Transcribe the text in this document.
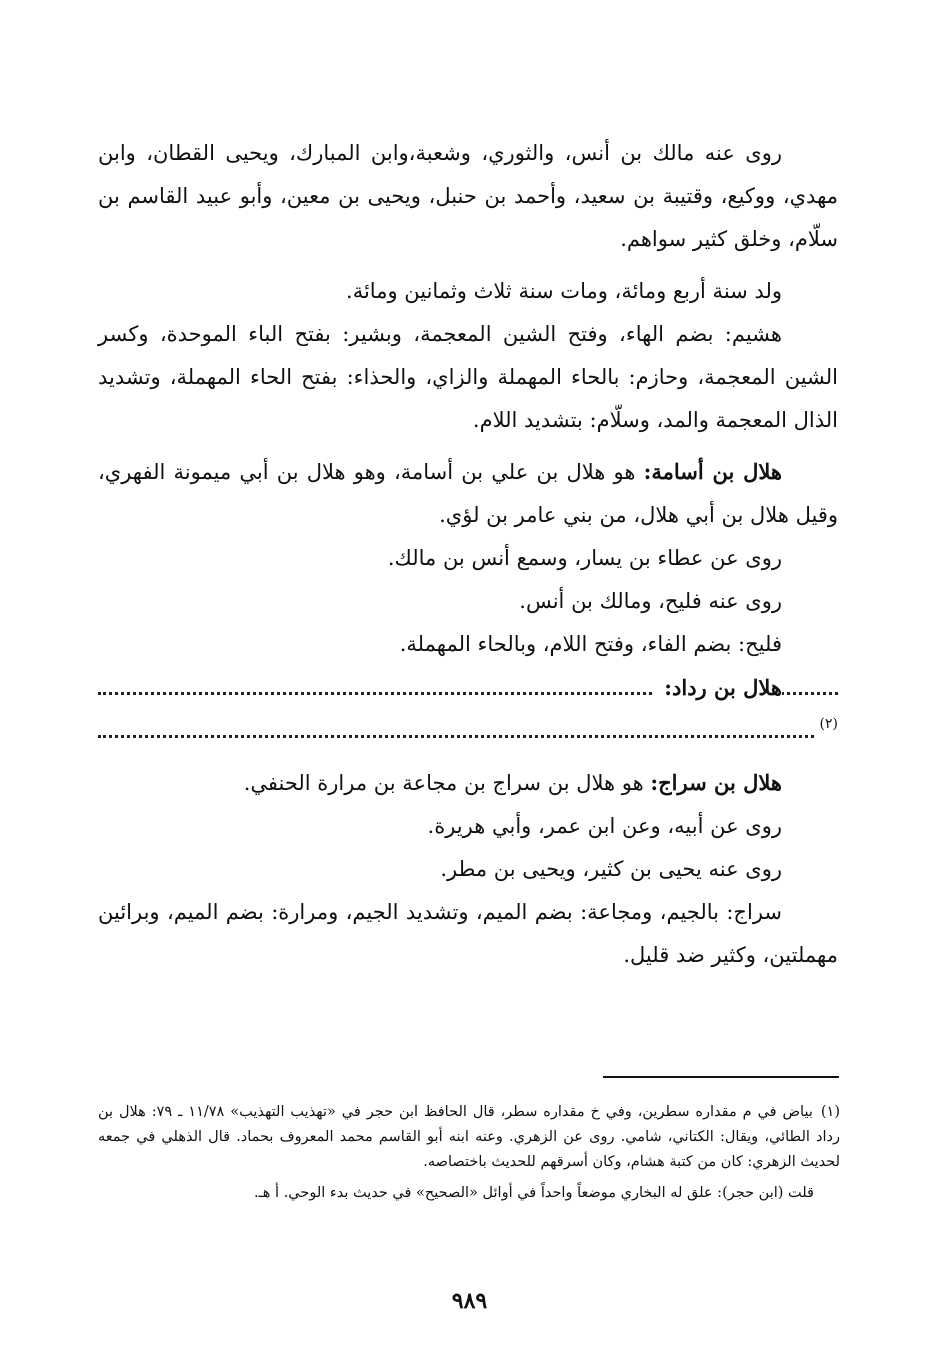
روى عنه مالك بن أنس، والثوري، وشعبة،وابن المبارك، ويحيى القطان، وابن مهدي، ووكيع، وقتيبة بن سعيد، وأحمد بن حنبل، ويحيى بن معين، وأبو عبيد القاسم بن سلّام، وخلق كثير سواهم.

ولد سنة أربع ومائة، ومات سنة ثلاث وثمانين ومائة.

هشيم: بضم الهاء، وفتح الشين المعجمة، وبشير: بفتح الباء الموحدة، وكسر الشين المعجمة، وحازم: بالحاء المهملة والزاي، والحذاء: بفتح الحاء المهملة، وتشديد الذال المعجمة والمد، وسلّام: بتشديد اللام.

هلال بن أسامة: هو هلال بن علي بن أسامة، وهو هلال بن أبي ميمونة الفهري، وقيل هلال بن أبي هلال، من بني عامر بن لؤي.

روى عن عطاء بن يسار، وسمع أنس بن مالك.

روى عنه فليح، ومالك بن أنس.

فليح: بضم الفاء، وفتح اللام، وبالحاء المهملة.

هلال بن رداد:
(٢)

هلال بن سراج: هو هلال بن سراج بن مجاعة بن مرارة الحنفي.

روى عن أبيه، وعن ابن عمر، وأبي هريرة.

روى عنه يحيى بن كثير، ويحيى بن مطر.

سراج: بالجيم، ومجاعة: بضم الميم، وتشديد الجيم، ومرارة: بضم الميم، وبرائين مهملتين، وكثير ضد قليل.

(١)بياض في م مقداره سطرين، وفي خ مقداره سطر، قال الحافظ ابن حجر في «تهذيب التهذيب» ١١/٧٨ ـ ٧٩: هلال بن رداد الطائي، ويقال: الكتاني، شامي. روى عن الزهري. وعنه ابنه أبو القاسم محمد المعروف بحماد. قال الذهلي في جمعه لحديث الزهري: كان من كتبة هشام، وكان أسرقهم للحديث باختصاصه.

قلت (ابن حجر): علق له البخاري موضعاً واحداً في أوائل «الصحيح» في حديث بدء الوحي. أ هـ.

٩٨٩
